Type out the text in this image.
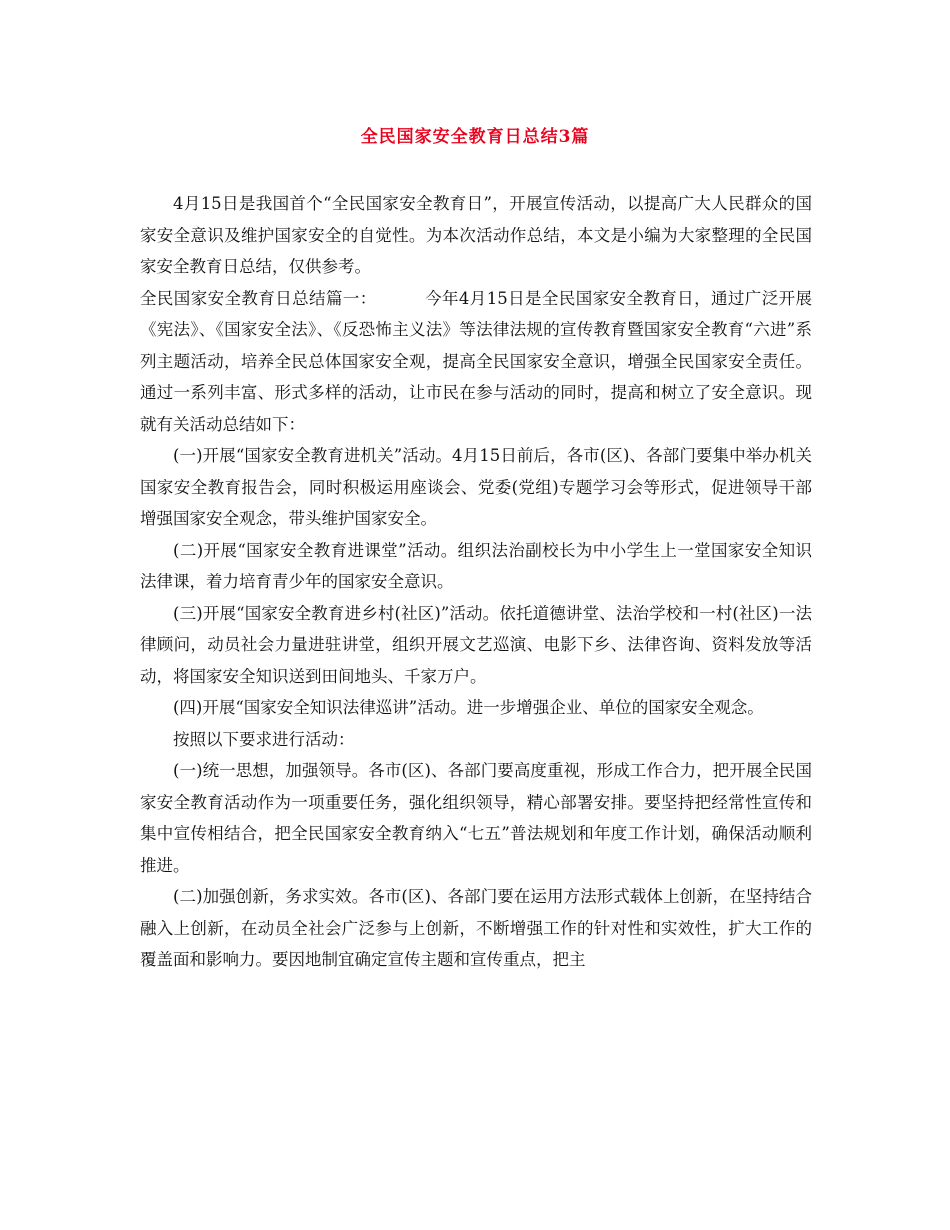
全民国家安全教育日总结3篇

4月15日是我国首个“全民国家安全教育日”，开展宣传活动，以提高广大人民群众的国家安全意识及维护国家安全的自觉性。为本次活动作总结，本文是小编为大家整理的全民国家安全教育日总结，仅供参考。

全民国家安全教育日总结篇一：	今年4月15日是全民国家安全教育日，通过广泛开展《宪法》、《国家安全法》、《反恐怖主义法》等法律法规的宣传教育暨国家安全教育“六进”系列主题活动，培养全民总体国家安全观，提高全民国家安全意识，增强全民国家安全责任。通过一系列丰富、形式多样的活动，让市民在参与活动的同时，提高和树立了安全意识。现就有关活动总结如下：

(一)开展“国家安全教育进机关”活动。4月15日前后，各市(区)、各部门要集中举办机关国家安全教育报告会，同时积极运用座谈会、党委(党组)专题学习会等形式，促进领导干部增强国家安全观念，带头维护国家安全。

(二)开展“国家安全教育进课堂”活动。组织法治副校长为中小学生上一堂国家安全知识法律课，着力培育青少年的国家安全意识。

(三)开展“国家安全教育进乡村(社区)”活动。依托道德讲堂、法治学校和一村(社区)一法律顾问，动员社会力量进驻讲堂，组织开展文艺巡演、电影下乡、法律咨询、资料发放等活动，将国家安全知识送到田间地头、千家万户。

(四)开展“国家安全知识法律巡讲”活动。进一步增强企业、单位的国家安全观念。

按照以下要求进行活动：

(一)统一思想，加强领导。各市(区)、各部门要高度重视，形成工作合力，把开展全民国家安全教育活动作为一项重要任务，强化组织领导，精心部署安排。要坚持把经常性宣传和集中宣传相结合，把全民国家安全教育纳入“七五”普法规划和年度工作计划，确保活动顺利推进。

(二)加强创新，务求实效。各市(区)、各部门要在运用方法形式载体上创新，在坚持结合融入上创新，在动员全社会广泛参与上创新，不断增强工作的针对性和实效性，扩大工作的覆盖面和影响力。要因地制宜确定宣传主题和宣传重点，把主
